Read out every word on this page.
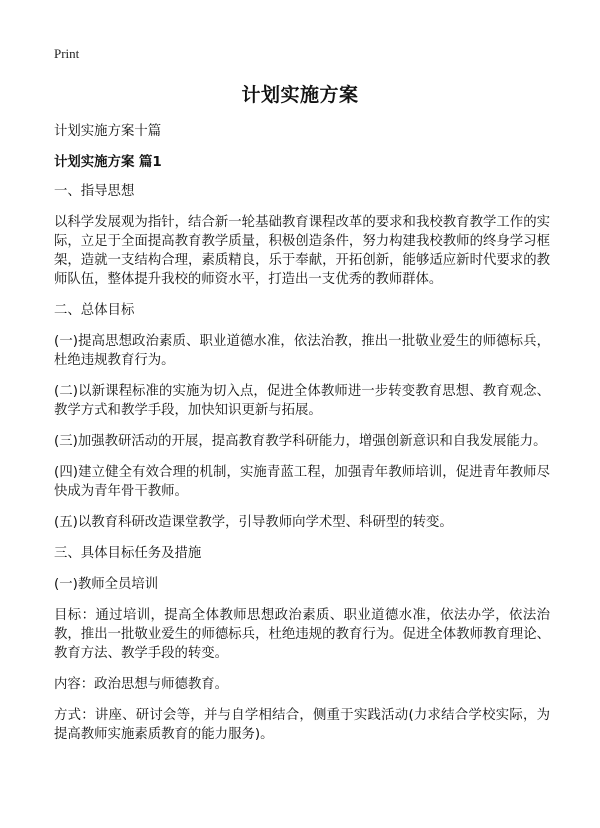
Print
计划实施方案

计划实施方案十篇

计划实施方案 篇1

一、指导思想

以科学发展观为指针，结合新一轮基础教育课程改革的要求和我校教育教学工作的实际，立足于全面提高教育教学质量，积极创造条件，努力构建我校教师的终身学习框架，造就一支结构合理，素质精良，乐于奉献，开拓创新，能够适应新时代要求的教师队伍，整体提升我校的师资水平，打造出一支优秀的教师群体。

二、总体目标

(一)提高思想政治素质、职业道德水准，依法治教，推出一批敬业爱生的师德标兵，杜绝违规教育行为。

(二)以新课程标准的实施为切入点，促进全体教师进一步转变教育思想、教育观念、教学方式和教学手段，加快知识更新与拓展。

(三)加强教研活动的开展，提高教育教学科研能力，增强创新意识和自我发展能力。

(四)建立健全有效合理的机制，实施青蓝工程，加强青年教师培训，促进青年教师尽快成为青年骨干教师。

(五)以教育科研改造课堂教学，引导教师向学术型、科研型的转变。

三、具体目标任务及措施

(一)教师全员培训

目标：通过培训，提高全体教师思想政治素质、职业道德水准，依法办学，依法治教，推出一批敬业爱生的师德标兵，杜绝违规的教育行为。促进全体教师教育理论、教育方法、教学手段的转变。

内容：政治思想与师德教育。

方式：讲座、研讨会等，并与自学相结合，侧重于实践活动(力求结合学校实际，为提高教师实施素质教育的能力服务)。
